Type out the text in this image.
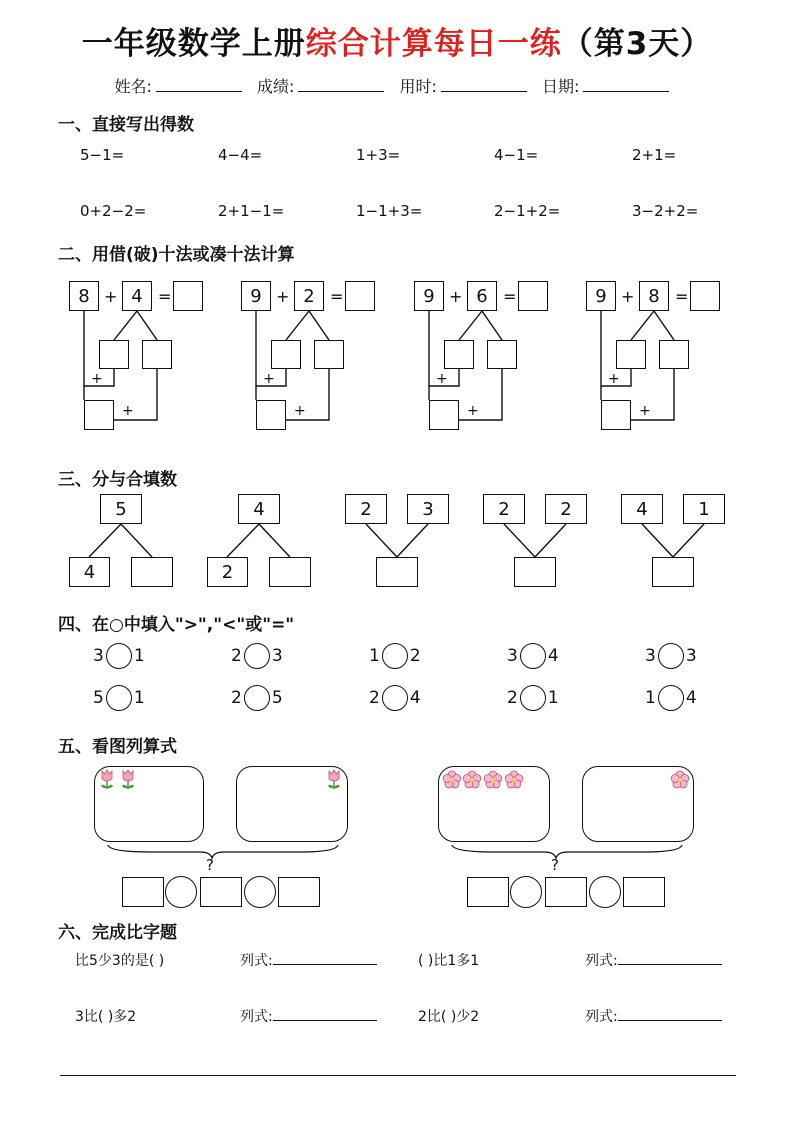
一年级数学上册综合计算每日一练（第3天）
姓名:	成绩:	用时:	日期:
一、直接写出得数
5−1=	4−4=	1+3=	4−1=	2+1=
0+2−2=	2+1−1=	1−1+3=	2−1+2=	3−2+2=
二、用借(破)十法或凑十法计算
8 + 4 =
+
+
9 + 2 =
+
+
9 + 6 =
+
+
9 + 8 =
+
+
三、分与合填数
5
4
4
2
2	3	2	2	4	1
四、在○中填入">","<"或"="
3 1	2 3	1 2	3 4	3 3
5 1	2 5	2 4	2 1	1 4
五、看图列算式
?	?
六、完成比字题
比5少3的是( )	列式:	( )比1多1	列式:
3比( )多2	列式:	2比( )少2	列式:
